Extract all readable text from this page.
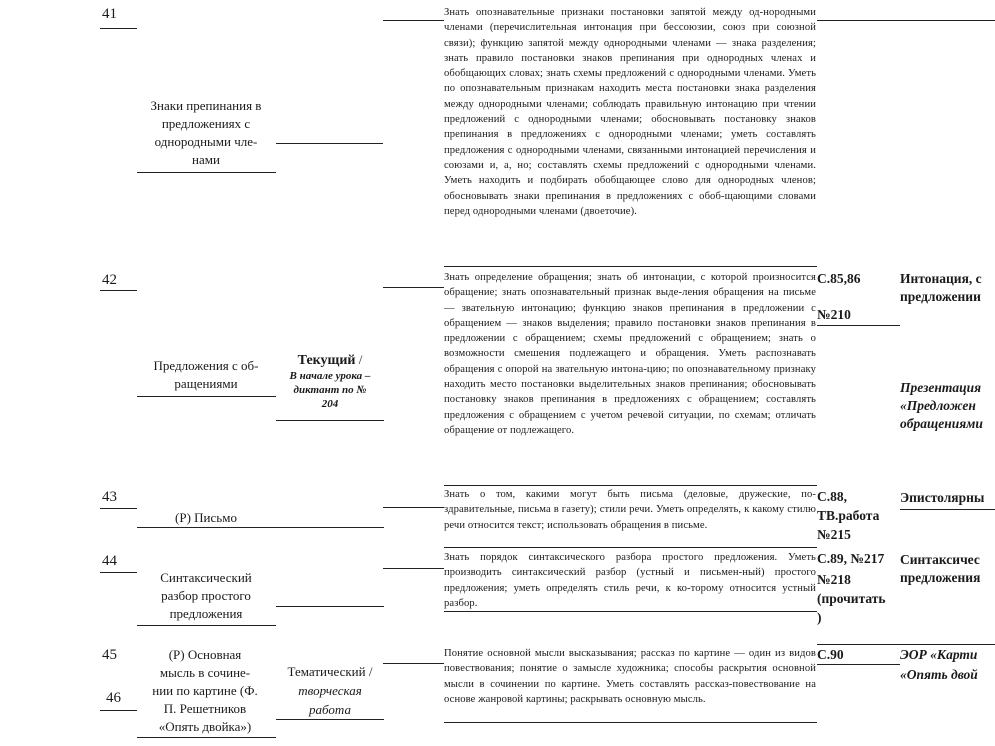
41
Знаки препинания в
предложениях с
однородными чле-
нами
Знать опознавательные признаки постановки запятой между од-нородными членами (перечислительная интонация при бессоюзии, союз при союзной связи); функцию запятой между однородными членами — знака разделения; знать правило постановки знаков препинания при однородных членах и обобщающих словах; знать схемы предложений с однородными членами. Уметь по опознавательным признакам находить места постановки знака разделения между однородными членами; соблюдать правильную интонацию при чтении предложений с однородными членами; обосновывать постановку знаков препинания в предложениях с однородными членами; уметь составлять предложения с однородными членами, связанными интонацией перечисления и союзами и, а, но; составлять схемы предложений с однородными членами. Уметь находить и подбирать обобщающее слово для однородных членов; обосновывать знаки препинания в предложениях с обоб-щающими словами перед однородными членами (двоеточие).
42	Знать определение обращения; знать об интонации, с которой произносится обращение; знать опознавательный признак выде-ления обращения на письме — звательную интонацию; функцию знаков препинания в предложении с обращением — знаков выделения; правило постановки знаков препинания в предложении с обращением; схемы предложений с обращением; знать о возможности смешения подлежащего и обращения. Уметь распознавать обращения с опорой на звательную интона-цию; по опознавательному признаку находить место постановки выделительных знаков препинания; обосновывать постановку знаков препинания в предложениях с обращением; составлять предложения с обращением с учетом речевой ситуации, по схемам; отличать обращение от подлежащего.
Предложения с об-
ращениями
Текущий /
В начале урока –
диктант по №
204
С.85,86
№210
Интонация, с
предложении
Презентация
«Предложен
обращениями
43
(Р) Письмо
Знать о том, какими могут быть письма (деловые, дружеские, по-здравительные, письма в газету); стили речи. Уметь определять, к какому стилю речи относится текст; использовать обращения в письме.
С.88,
ТВ.работа
№215
Эпистолярны
44
Синтаксический
разбор простого
предложения
Знать порядок синтаксического разбора простого предложения. Уметь производить синтаксический разбор (устный и письмен-ный) простого предложения; уметь определять стиль речи, к ко-торому относится устный разбор.
С.89, №217
№218
(прочитать
)
Синтаксичес
предложения
45
46
(Р) Основная
мысль в сочине-
нии по картине (Ф.
П. Решетников
«Опять двойка»)
Тематический /
творческая
работа
Понятие основной мысли высказывания; рассказ по картине — один из видов повествования; понятие о замысле художника; способы раскрытия основной мысли в сочинении по картине. Уметь составлять рассказ-повествование на основе жанровой картины; раскрывать основную мысль.
С.90	ЭОР «Карти
«Опять двой
